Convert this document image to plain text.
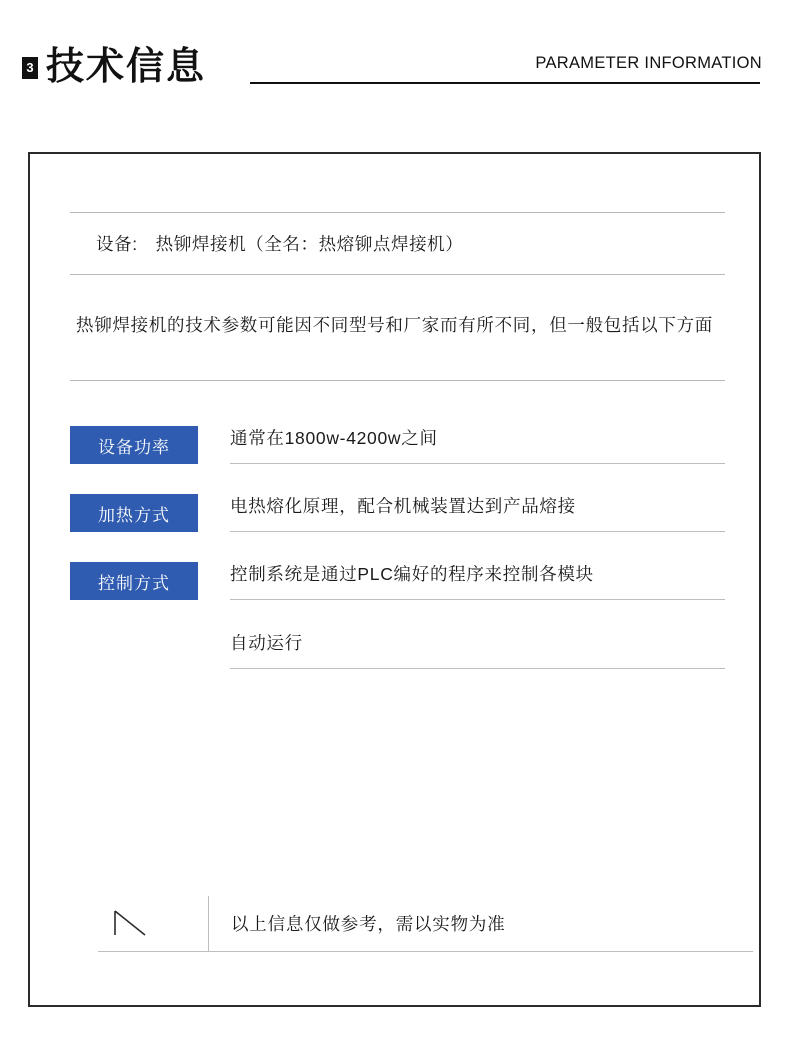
3 技术信息	PARAMETER INFORMATION
设备: 热铆焊接机（全名：热熔铆点焊接机）
热铆焊接机的技术参数可能因不同型号和厂家而有所不同，但一般包括以下方面
设备功率	通常在1800w-4200w之间
加热方式	电热熔化原理，配合机械装置达到产品熔接
控制方式	控制系统是通过PLC编好的程序来控制各模块
自动运行
以上信息仅做参考，需以实物为准
